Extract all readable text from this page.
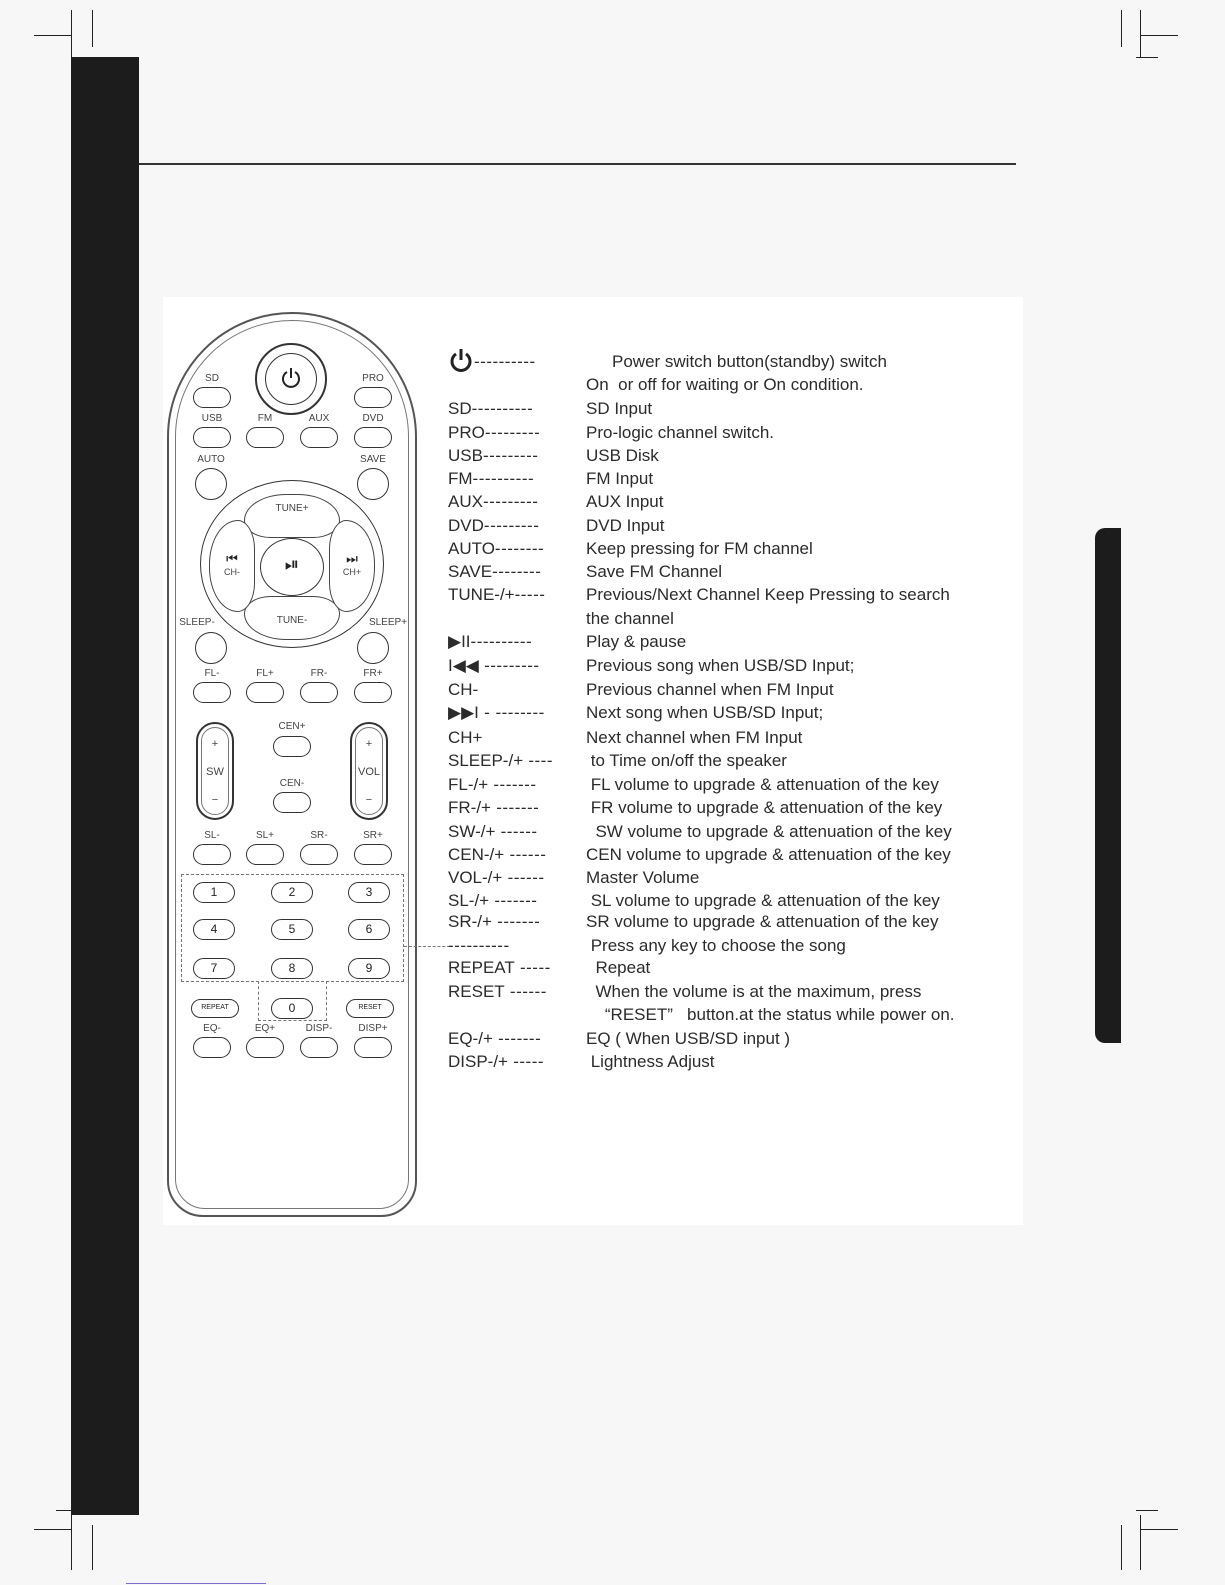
SD	PRO
USB	FM	AUX	DVD
AUTO	SAVE
TUNE+
TUNE-
⏮
CH-
⏭
CH+
⏯
SLEEP-	SLEEP+
FL-	FL+	FR-	FR+
+
SW
−
+
VOL
−
CEN+
CEN-
SL-	SL+	SR-	SR+
1	2	3
4	5	6
7	8	9
0
REPEAT	RESET
EQ-	EQ+	DISP-	DISP+
----------	Power switch button(standby) switch
On  or off for waiting or On condition.
SD----------	SD Input
PRO---------	Pro-logic channel switch.
USB---------	USB Disk
FM----------	FM Input
AUX---------	AUX Input
DVD---------	DVD Input
AUTO-------- Keep pressing for FM channel
SAVE--------	Save FM Channel
TUNE-/+----- Previous/Next Channel Keep Pressing to search
the channel
▶II----------	Play & pause
I◀◀ ---------	Previous song when USB/SD Input;
CH-	Previous channel when FM Input
▶▶I - -------- Next song when USB/SD Input;
CH+	Next channel when FM Input
SLEEP-/+ ---- to Time on/off the speaker
FL-/+ -------	FL volume to upgrade & attenuation of the key
FR-/+ -------	FR volume to upgrade & attenuation of the key
SW-/+ ------	SW volume to upgrade & attenuation of the key
CEN-/+ ------ CEN volume to upgrade & attenuation of the key
VOL-/+ ------ Master Volume
SL-/+ -------	SL volume to upgrade & attenuation of the key
SR-/+ -------	SR volume to upgrade & attenuation of the key
----------	Press any key to choose the song
REPEAT ----- Repeat
RESET ------ When the volume is at the maximum, press
“RESET”   button.at the status while power on.
EQ-/+ -------	EQ ( When USB/SD input )
DISP-/+ ----- Lightness Adjust
